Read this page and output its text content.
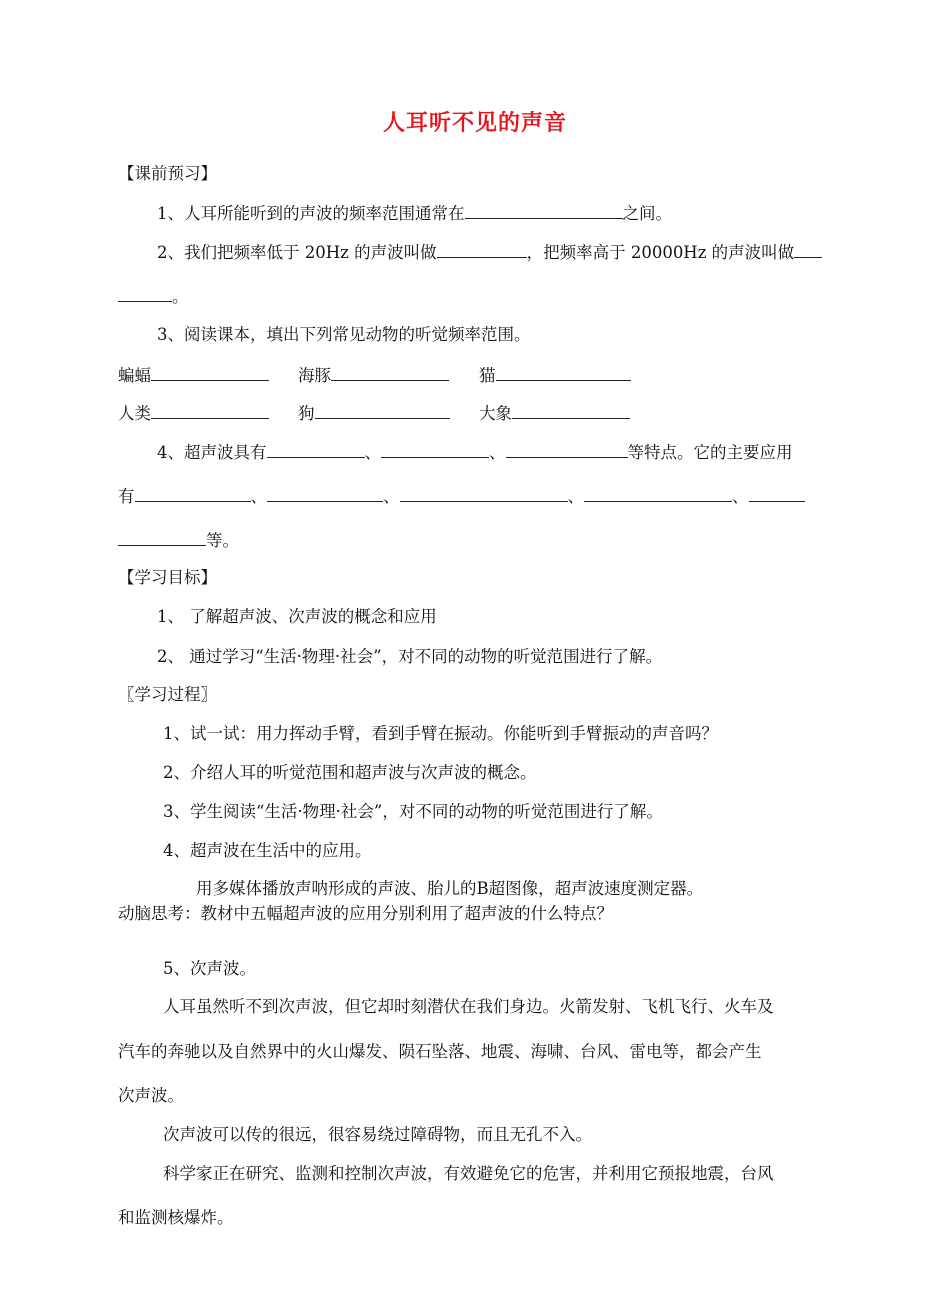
人耳听不见的声音
【课前预习】
1、人耳所能听到的声波的频率范围通常在	之间。
2、我们把频率低于 20Hz 的声波叫做	，把频率高于 20000Hz 的声波叫做
。
3、阅读课本，填出下列常见动物的听觉频率范围。
蝙蝠	海豚	猫
人类	狗	大象
4、超声波具有	、	、	等特点。它的主要应用
有	、	、	、	、
等。
【学习目标】
1、 了解超声波、次声波的概念和应用
2、 通过学习“生活·物理·社会”，对不同的动物的听觉范围进行了解。
〖学习过程〗
1、试一试：用力挥动手臂，看到手臂在振动。你能听到手臂振动的声音吗？
2、介绍人耳的听觉范围和超声波与次声波的概念。
3、学生阅读“生活·物理·社会”，对不同的动物的听觉范围进行了解。
4、超声波在生活中的应用。
用多媒体播放声呐形成的声波、胎儿的B超图像，超声波速度测定器。
动脑思考：教材中五幅超声波的应用分别利用了超声波的什么特点？
5、次声波。
人耳虽然听不到次声波，但它却时刻潜伏在我们身边。火箭发射、飞机飞行、火车及
汽车的奔驰以及自然界中的火山爆发、陨石坠落、地震、海啸、台风、雷电等，都会产生
次声波。
次声波可以传的很远，很容易绕过障碍物，而且无孔不入。
科学家正在研究、监测和控制次声波，有效避免它的危害，并利用它预报地震，台风
和监测核爆炸。
